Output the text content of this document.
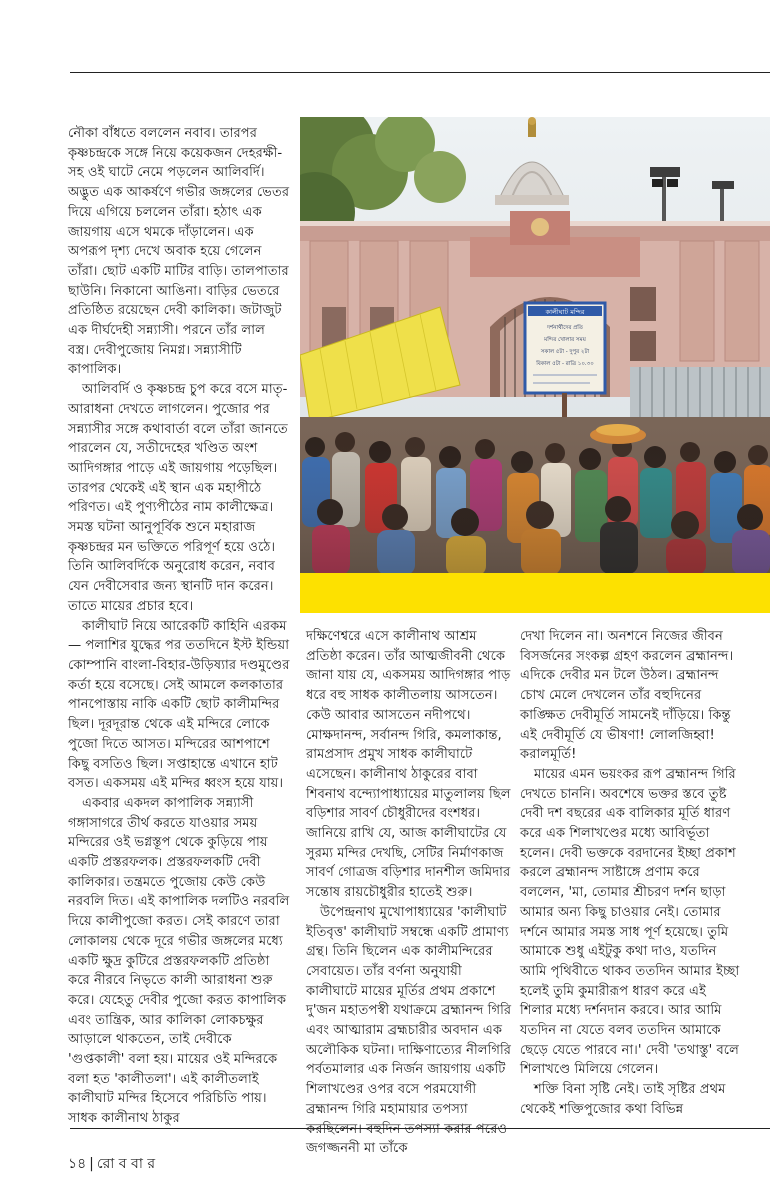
নৌকা বাঁধতে বললেন নবাব। তারপর কৃষ্ণচন্দ্রকে সঙ্গে নিয়ে কয়েকজন দেহরক্ষী-সহ ওই ঘাটে নেমে পড়লেন আলিবর্দি। অদ্ভুত এক আকর্ষণে গভীর জঙ্গলের ভেতর দিয়ে এগিয়ে চললেন তাঁরা। হঠাৎ এক জায়গায় এসে থমকে দাঁড়ালেন। এক অপরূপ দৃশ্য দেখে অবাক হয়ে গেলেন তাঁরা। ছোট একটি মাটির বাড়ি। তালপাতার ছাউনি। নিকানো আঙিনা। বাড়ির ভেতরে প্রতিষ্ঠিত রয়েছেন দেবী কালিকা। জটাজুট এক দীর্ঘদেহী সন্ন্যাসী। পরনে তাঁর লাল বস্ত্র। দেবীপুজোয় নিমগ্ন। সন্ন্যাসীটি কাপালিক।

আলিবর্দি ও কৃষ্ণচন্দ্র চুপ করে বসে মাতৃ-আরাধনা দেখতে লাগলেন। পুজোর পর সন্ন্যাসীর সঙ্গে কথাবার্তা বলে তাঁরা জানতে পারলেন যে, সতীদেহের খণ্ডিত অংশ আদিগঙ্গার পাড়ে এই জায়গায় পড়েছিল। তারপর থেকেই এই স্থান এক মহাপীঠে পরিণত। এই পুণ্যপীঠের নাম কালীক্ষেত্র। সমস্ত ঘটনা আনুপূর্বিক শুনে মহারাজ কৃষ্ণচন্দ্রর মন ভক্তিতে পরিপূর্ণ হয়ে ওঠে। তিনি আলিবর্দিকে অনুরোধ করেন, নবাব যেন দেবীসেবার জন্য স্থানটি দান করেন। তাতে মায়ের প্রচার হবে।

কালীঘাট নিয়ে আরেকটি কাহিনি এরকম— পলাশির যুদ্ধের পর ততদিনে ইস্ট ইন্ডিয়া কোম্পানি বাংলা-বিহার-উড়িষ্যার দণ্ডমুণ্ডের কর্তা হয়ে বসেছে। সেই আমলে কলকাতার পানপোস্তায় নাকি একটি ছোট কালীমন্দির ছিল। দূরদূরান্ত থেকে এই মন্দিরে লোকে পুজো দিতে আসত। মন্দিরের আশপাশে কিছু বসতিও ছিল। সপ্তাহান্তে এখানে হাট বসত। একসময় এই মন্দির ধ্বংস হয়ে যায়।

একবার একদল কাপালিক সন্ন্যাসী গঙ্গাসাগরে তীর্থ করতে যাওয়ার সময় মন্দিরের ওই ভগ্নস্তূপ থেকে কুড়িয়ে পায় একটি প্রস্তরফলক। প্রস্তরফলকটি দেবী কালিকার। তন্ত্রমতে পুজোয় কেউ কেউ নরবলি দিত। এই কাপালিক দলটিও নরবলি দিয়ে কালীপুজো করত। সেই কারণে তারা লোকালয় থেকে দূরে গভীর জঙ্গলের মধ্যে একটি ক্ষুদ্র কুটিরে প্রস্তরফলকটি প্রতিষ্ঠা করে নীরবে নিভৃতে কালী আরাধনা শুরু করে। যেহেতু দেবীর পুজো করত কাপালিক এবং তান্ত্রিক, আর কালিকা লোকচক্ষুর আড়ালে থাকতেন, তাই দেবীকে 'গুপ্তকালী' বলা হয়। মায়ের ওই মন্দিরকে বলা হত 'কালীতলা'। এই কালীতলাই কালীঘাট মন্দির হিসেবে পরিচিতি পায়। সাধক কালীনাথ ঠাকুর

কালীঘাট মন্দির
দর্শনার্থীদের প্রতি
মন্দির খোলার সময়
সকাল ৫টা - দুপুর ২টা
বিকাল ৫টা - রাত্রি ১০.৩০

দক্ষিণেশ্বরে এসে কালীনাথ আশ্রম প্রতিষ্ঠা করেন। তাঁর আত্মজীবনী থেকে জানা যায় যে, একসময় আদিগঙ্গার পাড় ধরে বহু সাধক কালীতলায় আসতেন। কেউ আবার আসতেন নদীপথে। মোক্ষদানন্দ, সর্বানন্দ গিরি, কমলাকান্ত, রামপ্রসাদ প্রমুখ সাধক কালীঘাটে এসেছেন। কালীনাথ ঠাকুরের বাবা শিবনাথ বন্দ্যোপাধ্যায়ের মাতুলালয় ছিল বড়িশার সাবর্ণ চৌধুরীদের বংশধর। জানিয়ে রাখি যে, আজ কালীঘাটের যে সুরম্য মন্দির দেখছি, সেটির নির্মাণকাজ সাবর্ণ গোত্রজ বড়িশার দানশীল জমিদার সন্তোষ রায়চৌধুরীর হাতেই শুরু।

উপেন্দ্রনাথ মুখোপাধ্যায়ের 'কালীঘাট ইতিবৃত্ত' কালীঘাট সম্বন্ধে একটি প্রামাণ্য গ্রন্থ। তিনি ছিলেন এক কালীমন্দিরের সেবায়েত। তাঁর বর্ণনা অনুযায়ী কালীঘাটে মায়ের মূর্তির প্রথম প্রকাশে দু'জন মহাতপস্বী যথাক্রমে ব্রহ্মানন্দ গিরি এবং আত্মারাম ব্রহ্মচারীর অবদান এক অলৌকিক ঘটনা। দাক্ষিণাত্যের নীলগিরি পর্বতমালার এক নির্জন জায়গায় একটি শিলাখণ্ডের ওপর বসে পরমযোগী ব্রহ্মানন্দ গিরি মহামায়ার তপস্যা করছিলেন। বহুদিন তপস্যা করার পরেও জগজ্জননী মা তাঁকে

দেখা দিলেন না। অনশনে নিজের জীবন বিসর্জনের সংকল্প গ্রহণ করলেন ব্রহ্মানন্দ। এদিকে দেবীর মন টলে উঠল। ব্রহ্মানন্দ চোখ মেলে দেখলেন তাঁর বহুদিনের কাঙ্ক্ষিত দেবীমূর্তি সামনেই দাঁড়িয়ে। কিন্তু এই দেবীমূর্তি যে ভীষণা! লোলজিহ্বা! করালমূর্তি!

মায়ের এমন ভয়ংকর রূপ ব্রহ্মানন্দ গিরি দেখতে চাননি। অবশেষে ভক্তর স্তবে তুষ্ট দেবী দশ বছরের এক বালিকার মূর্তি ধারণ করে এক শিলাখণ্ডের মধ্যে আবির্ভূতা হলেন। দেবী ভক্তকে বরদানের ইচ্ছা প্রকাশ করলে ব্রহ্মানন্দ সাষ্টাঙ্গে প্রণাম করে বললেন, 'মা, তোমার শ্রীচরণ দর্শন ছাড়া আমার অন্য কিছু চাওয়ার নেই। তোমার দর্শনে আমার সমস্ত সাধ পূর্ণ হয়েছে। তুমি আমাকে শুধু এইটুকু কথা দাও, যতদিন আমি পৃথিবীতে থাকব ততদিন আমার ইচ্ছা হলেই তুমি কুমারীরূপ ধারণ করে এই শিলার মধ্যে দর্শনদান করবে। আর আমি যতদিন না যেতে বলব ততদিন আমাকে ছেড়ে যেতে পারবে না।' দেবী 'তথাস্তু' বলে শিলাখণ্ডে মিলিয়ে গেলেন।

শক্তি বিনা সৃষ্টি নেই। তাই সৃষ্টির প্রথম থেকেই শক্তিপুজোর কথা বিভিন্ন

১৪ | রো ব বা র
